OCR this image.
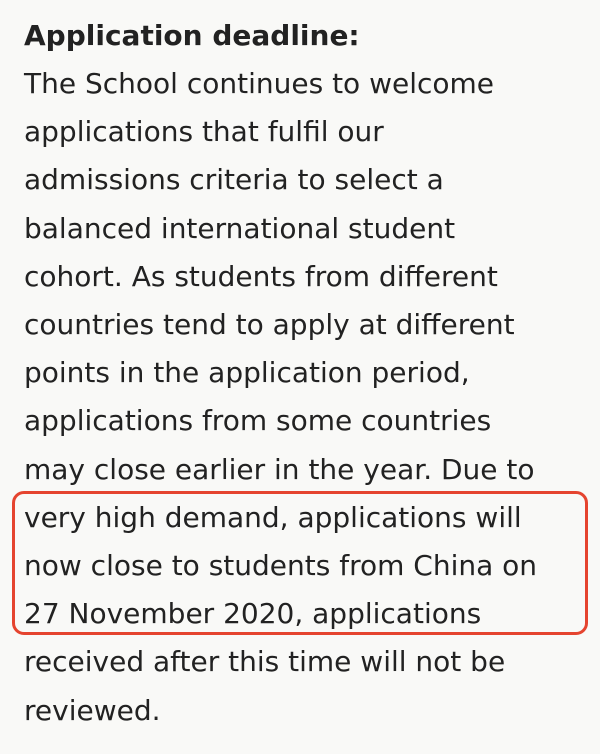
Application deadline:
The School continues to welcome
applications that fulfil our
admissions criteria to select a
balanced international student
cohort. As students from different
countries tend to apply at different
points in the application period,
applications from some countries
may close earlier in the year. Due to
very high demand, applications will
now close to students from China on
27 November 2020, applications
received after this time will not be
reviewed.
